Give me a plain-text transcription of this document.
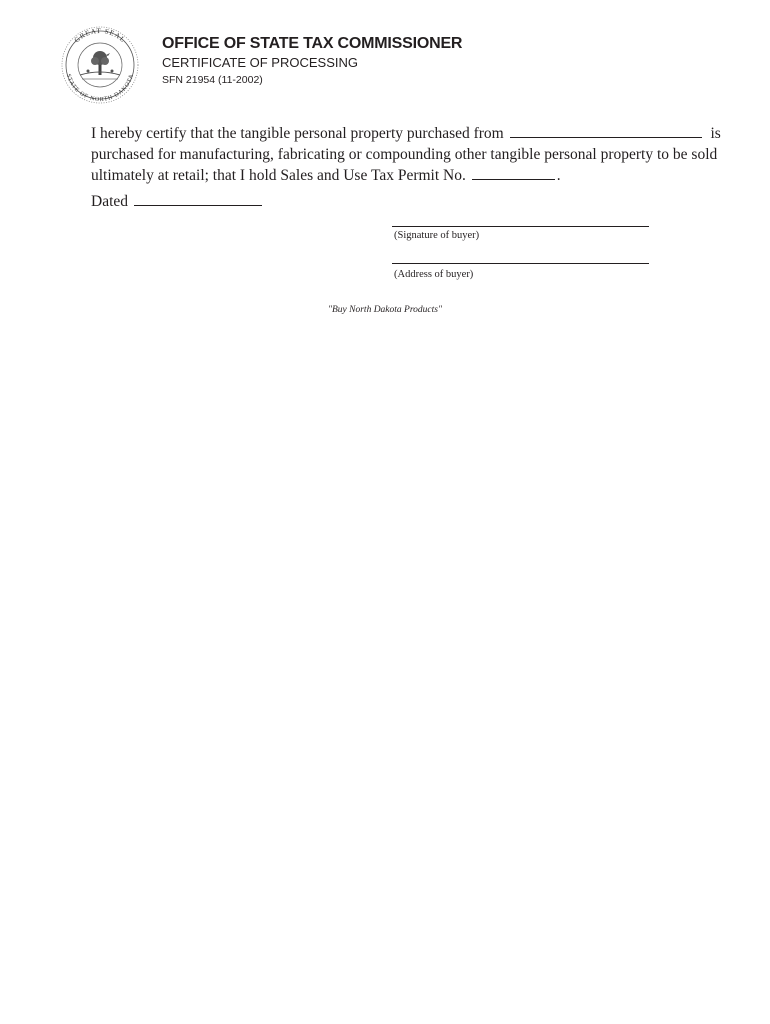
GREAT SEAL
STATE OF NORTH DAKOTA
OFFICE OF STATE TAX COMMISSIONER
CERTIFICATE OF PROCESSING
SFN 21954 (11-2002)
I hereby certify that the tangible personal property purchased from	is
purchased for manufacturing, fabricating or compounding other tangible personal property to be sold
ultimately at retail; that I hold Sales and Use Tax Permit No.	.
Dated
(Signature of buyer)
(Address of buyer)
"Buy North Dakota Products"
